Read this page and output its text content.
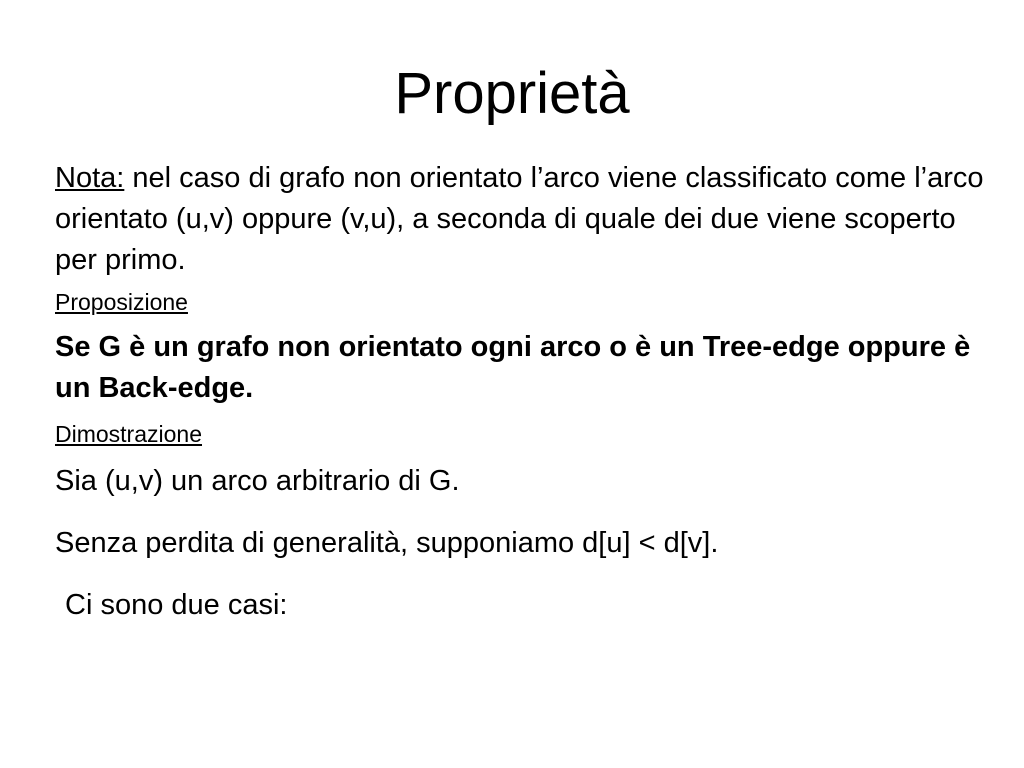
Proprietà

Nota: nel caso di grafo non orientato l’arco viene classificato come l’arco orientato (u,v) oppure (v,u), a seconda di quale dei due viene scoperto per primo.

Proposizione

Se G è un grafo non orientato ogni arco o è un Tree-edge oppure è un Back-edge.

Dimostrazione

Sia (u,v) un arco arbitrario di G.

Senza perdita di generalità, supponiamo d[u] < d[v].

Ci sono due casi:
